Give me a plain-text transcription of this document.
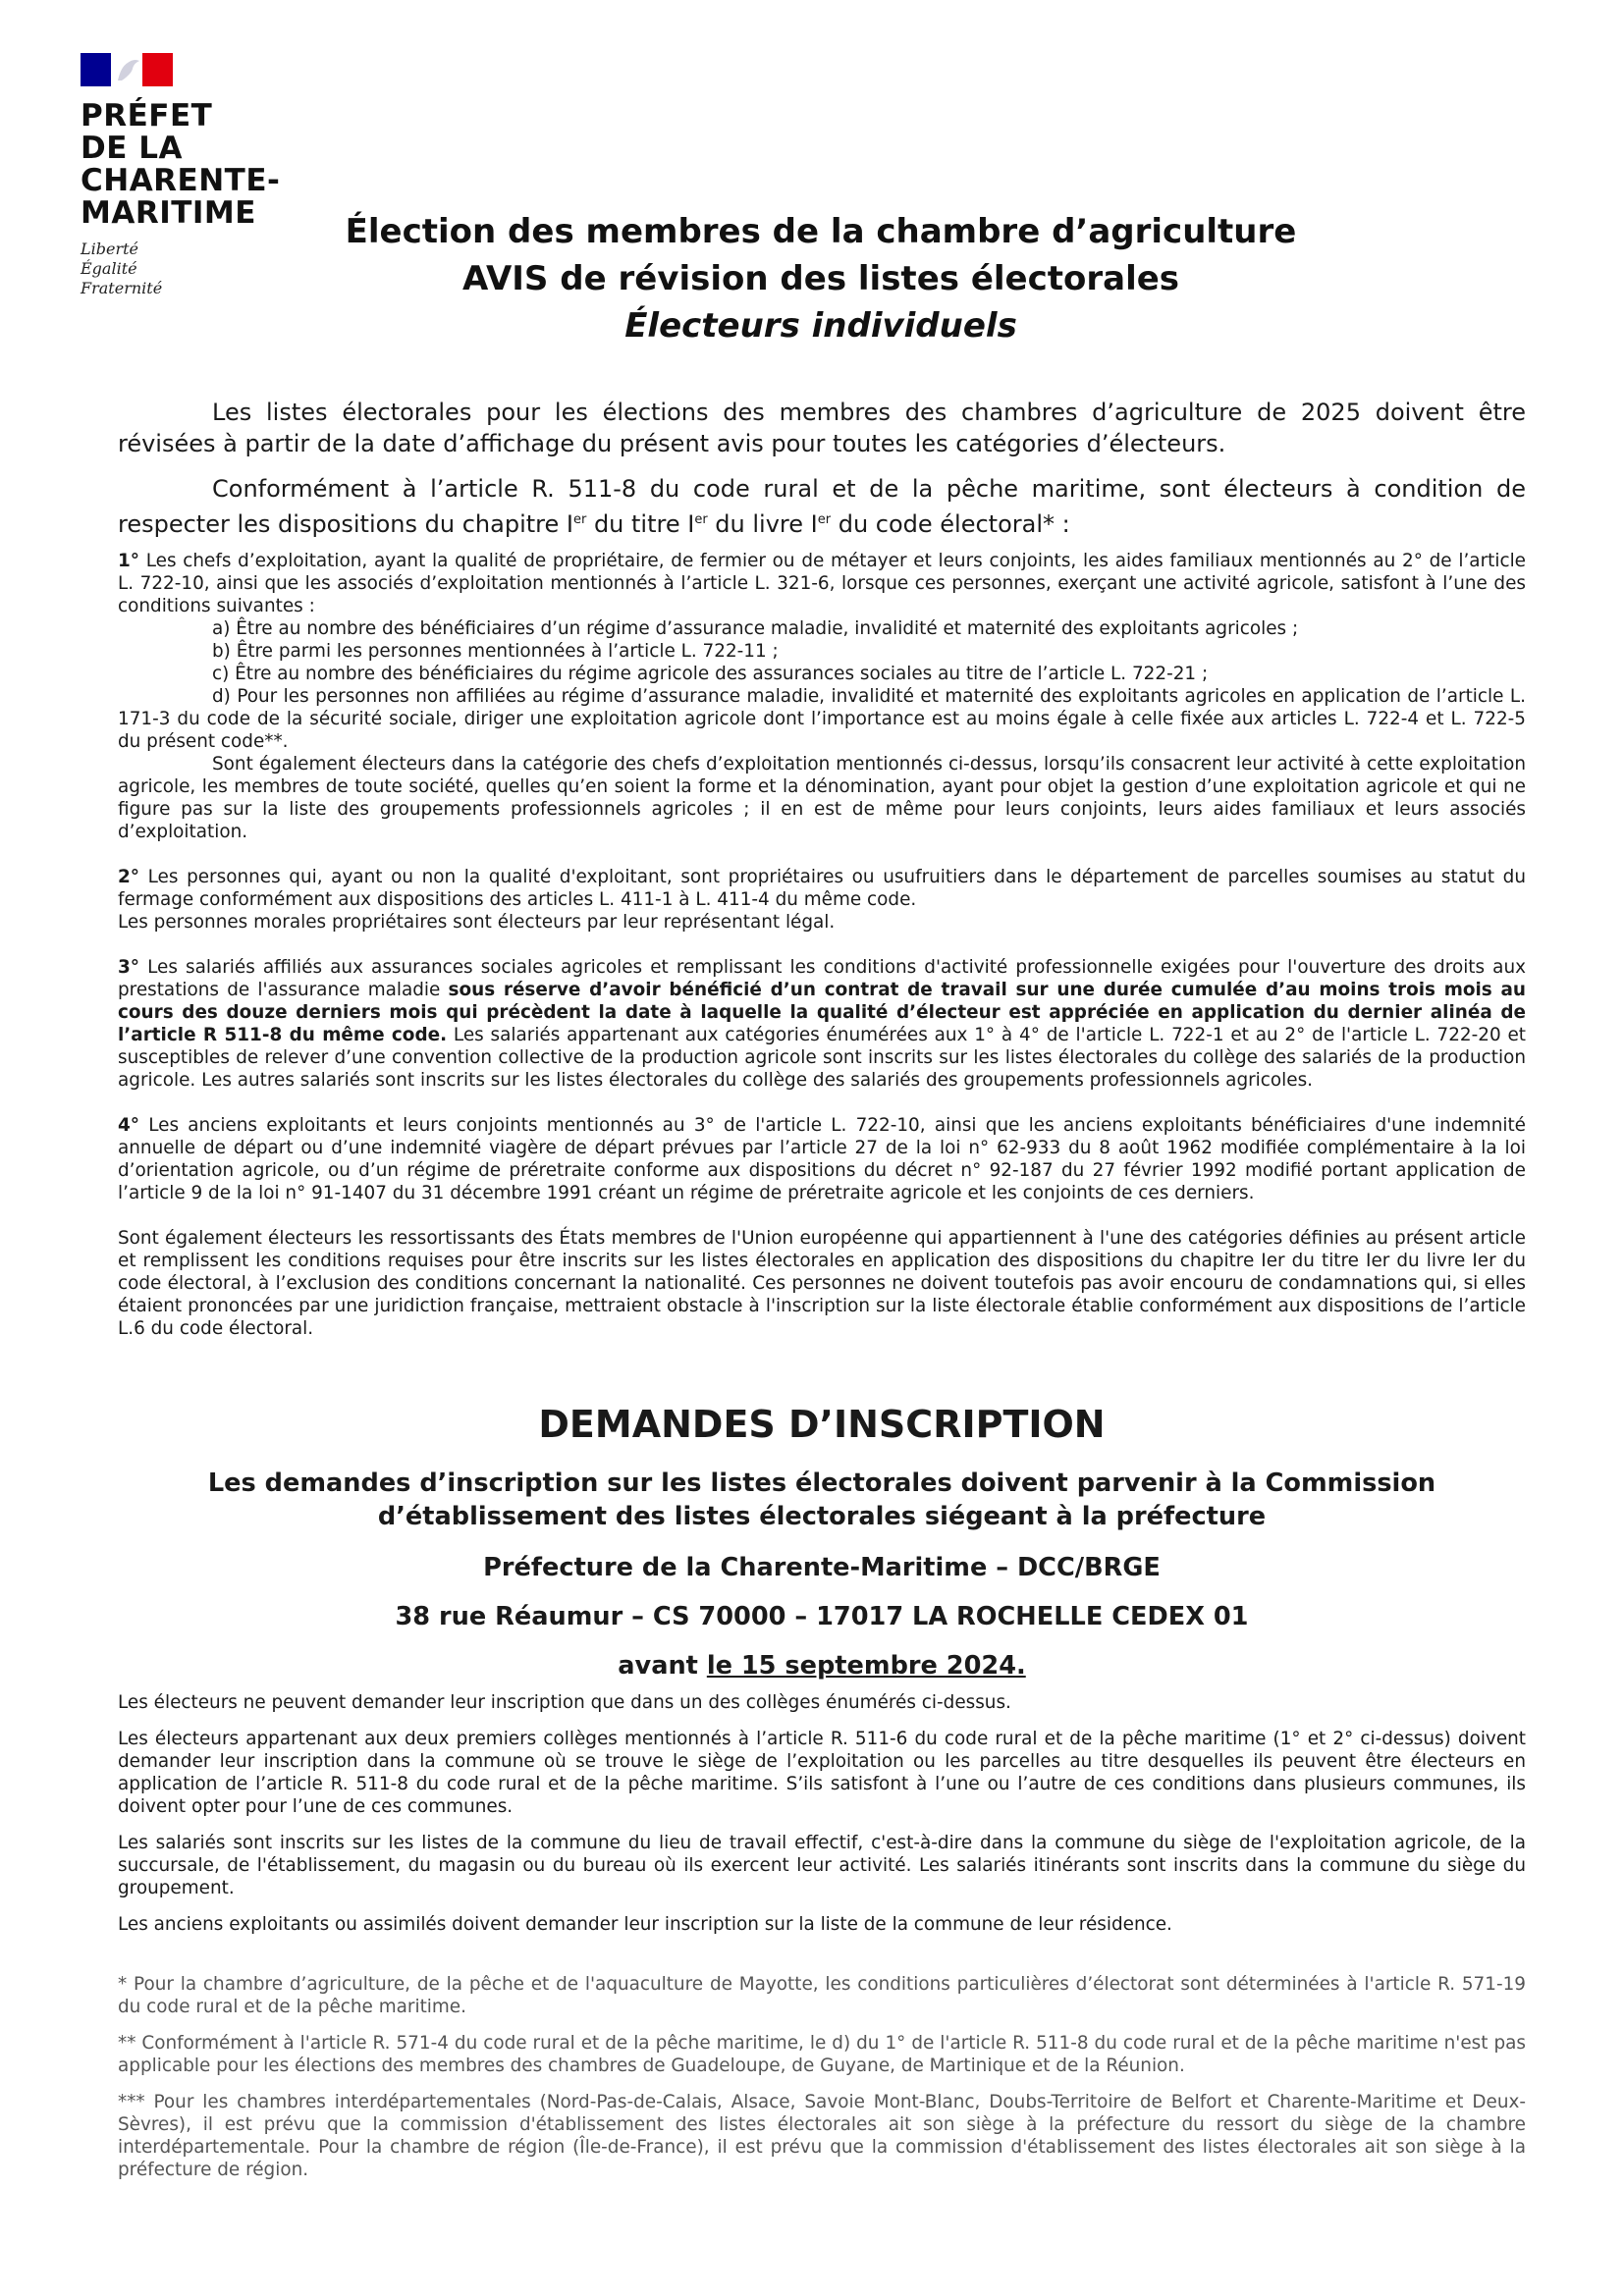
PRÉFET
DE LA
CHARENTE-
MARITIME
Liberté
Égalité
Fraternité
Élection des membres de la chambre d’agriculture
AVIS de révision des listes électorales
Électeurs individuels

Les listes électorales pour les élections des membres des chambres d’agriculture de 2025 doivent être révisées à partir de la date d’affichage du présent avis pour toutes les catégories d’électeurs.

Conformément à l’article R. 511-8 du code rural et de la pêche maritime, sont électeurs à condition de respecter les dispositions du chapitre Ier du titre Ier du livre Ier du code électoral* :

1° Les chefs d’exploitation, ayant la qualité de propriétaire, de fermier ou de métayer et leurs conjoints, les aides familiaux mentionnés au 2° de l’article L. 722-10, ainsi que les associés d’exploitation mentionnés à l’article L. 321-6, lorsque ces personnes, exerçant une activité agricole, satisfont à l’une des conditions suivantes :

a) Être au nombre des bénéficiaires d’un régime d’assurance maladie, invalidité et maternité des exploitants agricoles ;

b) Être parmi les personnes mentionnées à l’article L. 722-11 ;

c) Être au nombre des bénéficiaires du régime agricole des assurances sociales au titre de l’article L. 722-21 ;

d) Pour les personnes non affiliées au régime d’assurance maladie, invalidité et maternité des exploitants agricoles en application de l’article L. 171-3 du code de la sécurité sociale, diriger une exploitation agricole dont l’importance est au moins égale à celle fixée aux articles L. 722-4 et L. 722-5 du présent code**.

Sont également électeurs dans la catégorie des chefs d’exploitation mentionnés ci-dessus, lorsqu’ils consacrent leur activité à cette exploitation agricole, les membres de toute société, quelles qu’en soient la forme et la dénomination, ayant pour objet la gestion d’une exploitation agricole et qui ne figure pas sur la liste des groupements professionnels agricoles ; il en est de même pour leurs conjoints, leurs aides familiaux et leurs associés d’exploitation.

2° Les personnes qui, ayant ou non la qualité d'exploitant, sont propriétaires ou usufruitiers dans le département de parcelles soumises au statut du fermage conformément aux dispositions des articles L. 411-1 à L. 411-4 du même code.

Les personnes morales propriétaires sont électeurs par leur représentant légal.

3° Les salariés affiliés aux assurances sociales agricoles et remplissant les conditions d'activité professionnelle exigées pour l'ouverture des droits aux prestations de l'assurance maladie sous réserve d’avoir bénéficié d’un contrat de travail sur une durée cumulée d’au moins trois mois au cours des douze derniers mois qui précèdent la date à laquelle la qualité d’électeur est appréciée en application du dernier alinéa de l’article R 511-8 du même code. Les salariés appartenant aux catégories énumérées aux 1° à 4° de l'article L. 722-1 et au 2° de l'article L. 722-20 et susceptibles de relever d’une convention collective de la production agricole sont inscrits sur les listes électorales du collège des salariés de la production agricole. Les autres salariés sont inscrits sur les listes électorales du collège des salariés des groupements professionnels agricoles.

4° Les anciens exploitants et leurs conjoints mentionnés au 3° de l'article L. 722-10, ainsi que les anciens exploitants bénéficiaires d'une indemnité annuelle de départ ou d’une indemnité viagère de départ prévues par l’article 27 de la loi n° 62-933 du 8 août 1962 modifiée complémentaire à la loi d’orientation agricole, ou d’un régime de préretraite conforme aux dispositions du décret n° 92-187 du 27 février 1992 modifié portant application de l’article 9 de la loi n° 91-1407 du 31 décembre 1991 créant un régime de préretraite agricole et les conjoints de ces derniers.

Sont également électeurs les ressortissants des États membres de l'Union européenne qui appartiennent à l'une des catégories définies au présent article et remplissent les conditions requises pour être inscrits sur les listes électorales en application des dispositions du chapitre Ier du titre Ier du livre Ier du code électoral, à l’exclusion des conditions concernant la nationalité. Ces personnes ne doivent toutefois pas avoir encouru de condamnations qui, si elles étaient prononcées par une juridiction française, mettraient obstacle à l'inscription sur la liste électorale établie conformément aux dispositions de l’article L.6 du code électoral.

DEMANDES D’INSCRIPTION
Les demandes d’inscription sur les listes électorales doivent parvenir à la Commission d’établissement des listes électorales siégeant à la préfecture
Préfecture de la Charente-Maritime – DCC/BRGE
38 rue Réaumur – CS 70000 – 17017 LA ROCHELLE CEDEX 01
avant le 15 septembre 2024.

Les électeurs ne peuvent demander leur inscription que dans un des collèges énumérés ci-dessus.

Les électeurs appartenant aux deux premiers collèges mentionnés à l’article R. 511-6 du code rural et de la pêche maritime (1° et 2° ci-dessus) doivent demander leur inscription dans la commune où se trouve le siège de l’exploitation ou les parcelles au titre desquelles ils peuvent être électeurs en application de l’article R. 511-8 du code rural et de la pêche maritime. S’ils satisfont à l’une ou l’autre de ces conditions dans plusieurs communes, ils doivent opter pour l’une de ces communes.

Les salariés sont inscrits sur les listes de la commune du lieu de travail effectif, c'est-à-dire dans la commune du siège de l'exploitation agricole, de la succursale, de l'établissement, du magasin ou du bureau où ils exercent leur activité. Les salariés itinérants sont inscrits dans la commune du siège du groupement.

Les anciens exploitants ou assimilés doivent demander leur inscription sur la liste de la commune de leur résidence.

* Pour la chambre d’agriculture, de la pêche et de l'aquaculture de Mayotte, les conditions particulières d’électorat sont déterminées à l'article R. 571-19 du code rural et de la pêche maritime.

** Conformément à l'article R. 571-4 du code rural et de la pêche maritime, le d) du 1° de l'article R. 511-8 du code rural et de la pêche maritime n'est pas applicable pour les élections des membres des chambres de Guadeloupe, de Guyane, de Martinique et de la Réunion.

*** Pour les chambres interdépartementales (Nord-Pas-de-Calais, Alsace, Savoie Mont-Blanc, Doubs-Territoire de Belfort et Charente-Maritime et Deux-Sèvres), il est prévu que la commission d'établissement des listes électorales ait son siège à la préfecture du ressort du siège de la chambre interdépartementale. Pour la chambre de région (Île-de-France), il est prévu que la commission d'établissement des listes électorales ait son siège à la préfecture de région.
